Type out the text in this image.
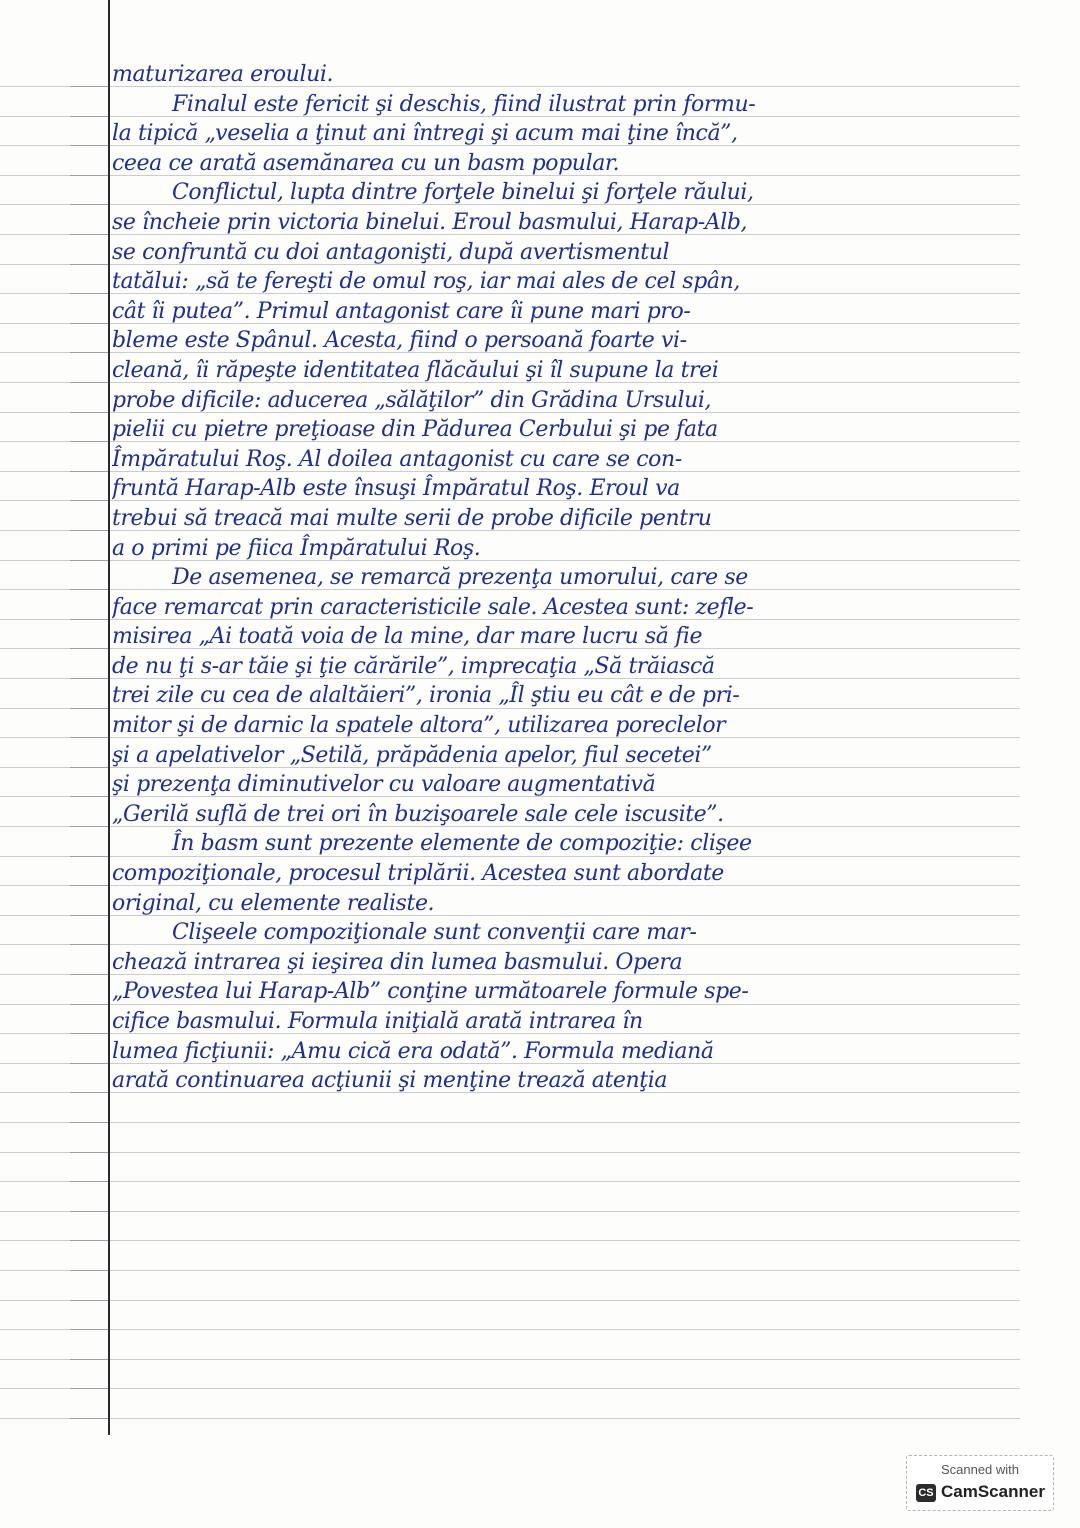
maturizarea eroului.
Finalul este fericit şi deschis, fiind ilustrat prin formu-
la tipică „veselia a ţinut ani întregi şi acum mai ţine încă”,
ceea ce arată asemănarea cu un basm popular.
Conflictul, lupta dintre forţele binelui şi forţele răului,
se încheie prin victoria binelui. Eroul basmului, Harap-Alb,
se confruntă cu doi antagonişti, după avertismentul
tatălui: „să te fereşti de omul roş, iar mai ales de cel spân,
cât îi putea”. Primul antagonist care îi pune mari pro-
bleme este Spânul. Acesta, fiind o persoană foarte vi-
cleană, îi răpeşte identitatea flăcăului şi îl supune la trei
probe dificile: aducerea „sălăţilor” din Grădina Ursului,
pielii cu pietre preţioase din Pădurea Cerbului şi pe fata
Împăratului Roş. Al doilea antagonist cu care se con-
fruntă Harap-Alb este însuşi Împăratul Roş. Eroul va
trebui să treacă mai multe serii de probe dificile pentru
a o primi pe fiica Împăratului Roş.
De asemenea, se remarcă prezenţa umorului, care se
face remarcat prin caracteristicile sale. Acestea sunt: zefle-
misirea „Ai toată voia de la mine, dar mare lucru să fie
de nu ţi s-ar tăie şi ţie cărările”, imprecaţia „Să trăiască
trei zile cu cea de alaltăieri”, ironia „Îl ştiu eu cât e de pri-
mitor şi de darnic la spatele altora”, utilizarea poreclelor
şi a apelativelor „Setilă, prăpădenia apelor, fiul secetei”
şi prezenţa diminutivelor cu valoare augmentativă
„Gerilă suflă de trei ori în buzişoarele sale cele iscusite”.
În basm sunt prezente elemente de compoziţie: clişee
compoziţionale, procesul triplării. Acestea sunt abordate
original, cu elemente realiste.
Clişeele compoziţionale sunt convenţii care mar-
chează intrarea şi ieşirea din lumea basmului. Opera
„Povestea lui Harap-Alb” conţine următoarele formule spe-
cifice basmului. Formula iniţială arată intrarea în
lumea ficţiunii: „Amu cică era odată”. Formula mediană
arată continuarea acţiunii şi menţine trează atenţia
Scanned with
CS CamScanner
